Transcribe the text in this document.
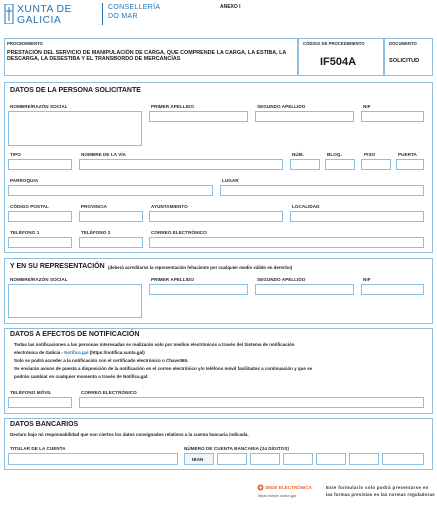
XUNTA DE GALICIA
CONSELLERÍA
DO MAR
ANEXO I
PROCEDIMIENTO
PRESTACIÓN DEL SERVICIO DE MANIPULACIÓN DE CARGA, QUE COMPRENDE LA CARGA, LA ESTIBA, LA DESCARGA, LA DESESTIBA Y EL TRANSBORDO DE MERCANCÍAS
CÓDIGO DE PROCEDIMIENTO
IF504A
DOCUMENTO
SOLICITUD
DATOS DE LA PERSONA SOLICITANTE
NOMBRE/RAZÓN SOCIAL	PRIMER APELLIDO	SEGUNDO APELLIDO	NIF
TIPO	NOMBRE DE LA VÍA	NÚM.	BLOQ.	PISO	PUERTA
PARROQUIA	LUGAR
CÓDIGO POSTAL	PROVINCIA	AYUNTAMIENTO	LOCALIDAD
TELÉFONO 1	TELÉFONO 2	CORREO ELECTRÓNICO
Y EN SU REPRESENTACIÓN (deberá acreditarse la representación fehaciente por cualquier medio válido en derecho)
NOMBRE/RAZÓN SOCIAL	PRIMER APELLIDO	SEGUNDO APELLIDO	NIF
DATOS A EFECTOS DE NOTIFICACIÓN
Todas las notificaciones a las personas interesadas se realizarán solo por medios electrónicos a través del Sistema de notificación
electrónica de Galicia - Notifica.gal (https://notifica.xunta.gal)
Solo se podrá acceder a la notificación con el certificado electrónico o Chave365.
Se enviarán avisos de puesta a disposición de la notificación en el correo electrónico y/o teléfono móvil facilitados a continuación y que se
podrán cambiar en cualquier momento a través de Notifica.gal:
TELÉFONO MÓVIL	CORREO ELECTRÓNICO
DATOS BANCARIOS
Declaro bajo mi responsabilidad que son ciertos los datos consignados relativos a la cuenta bancaria indicada.
TITULAR DE LA CUENTA	NÚMERO DE CUENTA BANCARIA (24 DÍGITOS)
IBAN
SEDE ELECTRÓNICA
https://sede.xunta.gal
Este formulario solo podrá presentarse en
las formas previstas en las normas reguladoras
